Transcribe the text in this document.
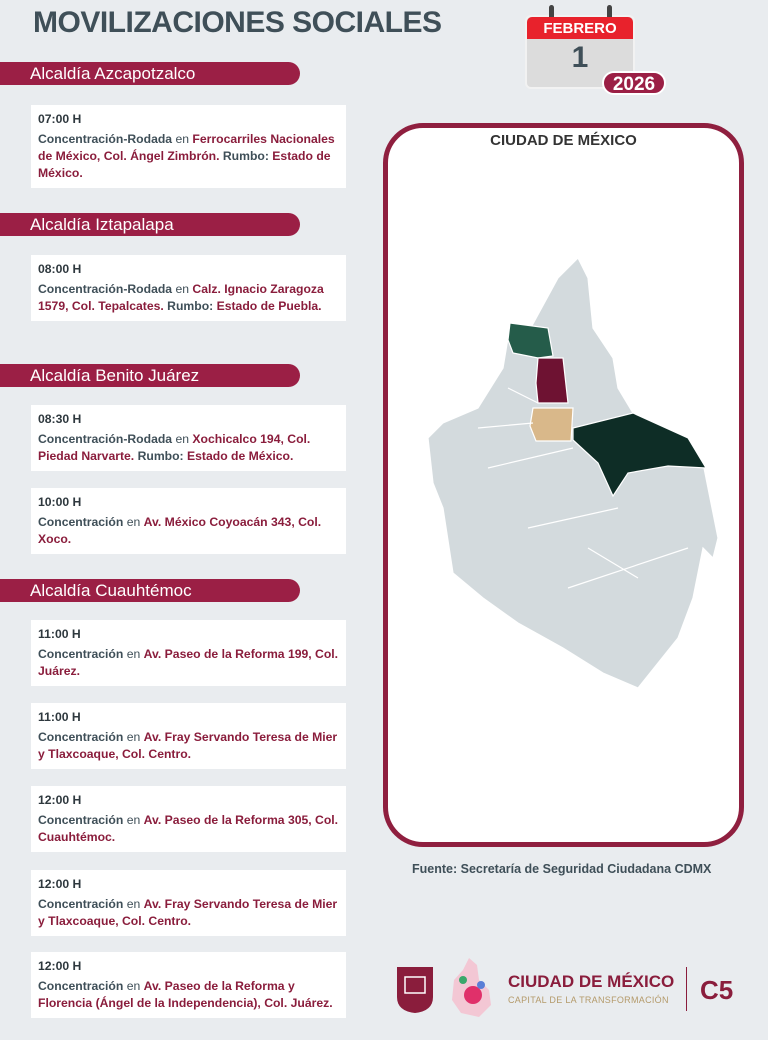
MOVILIZACIONES SOCIALES	FEBRERO
1
2026
Alcaldía Azcapotzalco
07:00 H
Concentración-Rodada en Ferrocarriles Nacionales de México, Col. Ángel Zimbrón. Rumbo: Estado de México.
Alcaldía Iztapalapa
08:00 H
Concentración-Rodada en Calz. Ignacio Zaragoza 1579, Col. Tepalcates. Rumbo: Estado de Puebla.
Alcaldía Benito Juárez
08:30 H
Concentración-Rodada en Xochicalco 194, Col. Piedad Narvarte. Rumbo: Estado de México.
10:00 H
Concentración en Av. México Coyoacán 343, Col. Xoco.
Alcaldía Cuauhtémoc
11:00 H
Concentración en Av. Paseo de la Reforma 199, Col. Juárez.
11:00 H
Concentración en Av. Fray Servando Teresa de Mier y Tlaxcoaque, Col. Centro.
12:00 H
Concentración en Av. Paseo de la Reforma 305, Col. Cuauhtémoc.
12:00 H
Concentración en Av. Fray Servando Teresa de Mier y Tlaxcoaque, Col. Centro.
12:00 H
Concentración en Av. Paseo de la Reforma y Florencia (Ángel de la Independencia), Col. Juárez.
CIUDAD DE MÉXICO
Fuente: Secretaría de Seguridad Ciudadana CDMX
CIUDAD DE MÉXICO
CAPITAL DE LA TRANSFORMACIÓN C5
